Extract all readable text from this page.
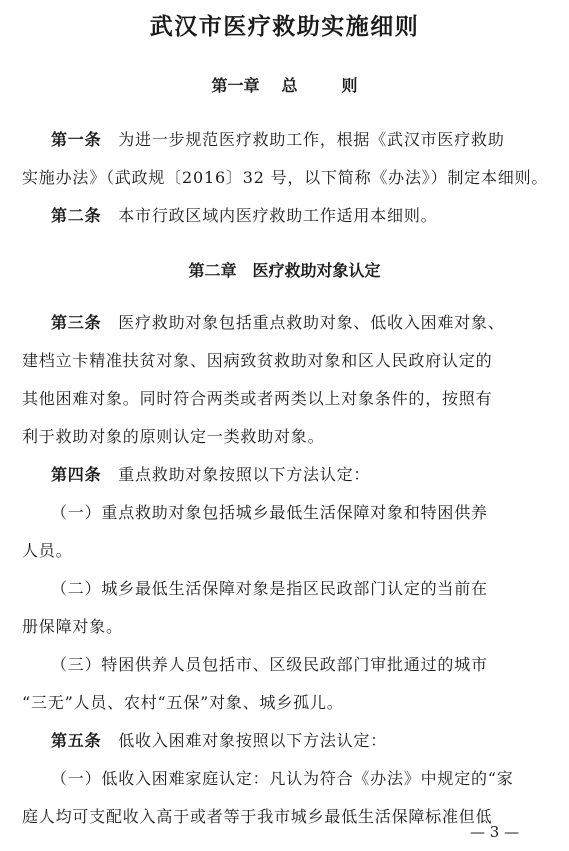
武汉市医疗救助实施细则
第一章 总	则
第一条　 为进一步规范医疗救助工作，根据《武汉市医疗救助
实施办法》（武政规〔2016〕32 号，以下简称《办法》）制定本细则。
第二条　 本市行政区域内医疗救助工作适用本细则。
第二章　医疗救助对象认定
第三条　 医疗救助对象包括重点救助对象、低收入困难对象、
建档立卡精准扶贫对象、因病致贫救助对象和区人民政府认定的
其他困难对象。同时符合两类或者两类以上对象条件的，按照有
利于救助对象的原则认定一类救助对象。
第四条　 重点救助对象按照以下方法认定：
（一）重点救助对象包括城乡最低生活保障对象和特困供养
人员。
（二）城乡最低生活保障对象是指区民政部门认定的当前在
册保障对象。
（三）特困供养人员包括市、区级民政部门审批通过的城市
“三无”人员、农村“五保”对象、城乡孤儿。
第五条　 低收入困难对象按照以下方法认定：
（一）低收入困难家庭认定：凡认为符合《办法》中规定的“家
庭人均可支配收入高于或者等于我市城乡最低生活保障标准但低
— 3 —
